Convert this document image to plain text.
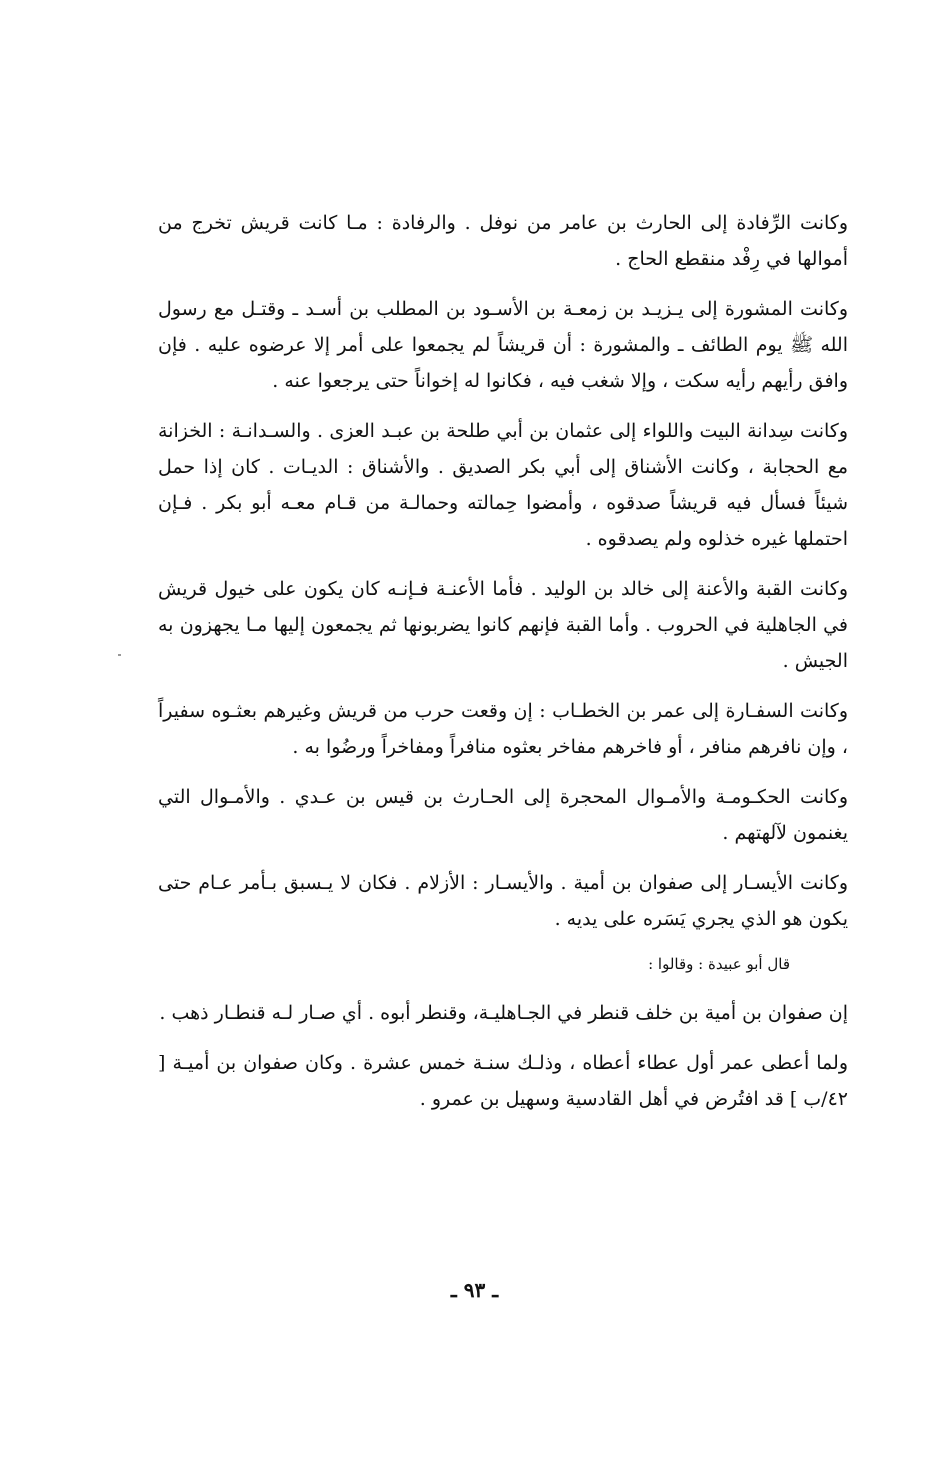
وكانت الرِّفادة إلى الحارث بن عامر من نوفل . والرفادة : مـا كانت قريش تخرج من أموالها في رِفْد منقطع الحاج .

وكانت المشورة إلى يـزيـد بن زمعـة بن الأسـود بن المطلب بن أسـد ـ وقتـل مع رسول الله ﷺ يوم الطائف ـ والمشورة : أن قريشاً لم يجمعوا على أمر إلا عرضوه عليه . فإن وافق رأيهم رأيه سكت ، وإلا شغب فيه ، فكانوا له إخواناً حتى يرجعوا عنه .

وكانت سِدانة البيت واللواء إلى عثمان بن أبي طلحة بن عبـد العزى . والسـدانـة : الخزانة مع الحجابة ، وكانت الأشناق إلى أبي بكر الصديق . والأشناق : الديـات . كان إذا حمل شيئاً فسأل فيه قريشاً صدقوه ، وأمضوا حِمالته وحمالـة من قـام معـه أبو بكر . فـإن احتملها غيره خذلوه ولم يصدقوه .

وكانت القبة والأعنة إلى خالد بن الوليد . فأما الأعنـة فـإنـه كان يكون على خيول قريش في الجاهلية في الحروب . وأما القبة فإنهم كانوا يضربونها ثم يجمعون إليها مـا يجهزون به الجيش .

وكانت السفـارة إلى عمر بن الخطـاب : إن وقعت حرب من قريش وغيرهم بعثـوه سفيراً ، وإن نافرهم منافر ، أو فاخرهم مفاخر بعثوه منافراً ومفاخراً ورضُوا به .

وكانت الحكـومـة والأمـوال المحجرة إلى الحـارث بن قيس بن عـدي . والأمـوال التي يغنمون لآلهتهم .

وكانت الأيسـار إلى صفوان بن أمية . والأيسـار : الأزلام . فكان لا يـسبق بـأمر عـام حتى يكون هو الذي يجري يَسَره على يديه .

قال أبو عبيدة : وقالوا :

إن صفوان بن أمية بن خلف قنطر في الجـاهليـة، وقنطر أبوه . أي صـار لـه قنطـار ذهب .

ولما أعطى عمر أول عطاء أعطاه ، وذلـك سنـة خمس عشرة . وكان صفوان بن أميـة [ ٤٢/ب ] قد افتُرض في أهل القادسية وسهيل بن عمرو .

ـ ٩٣ ـ
